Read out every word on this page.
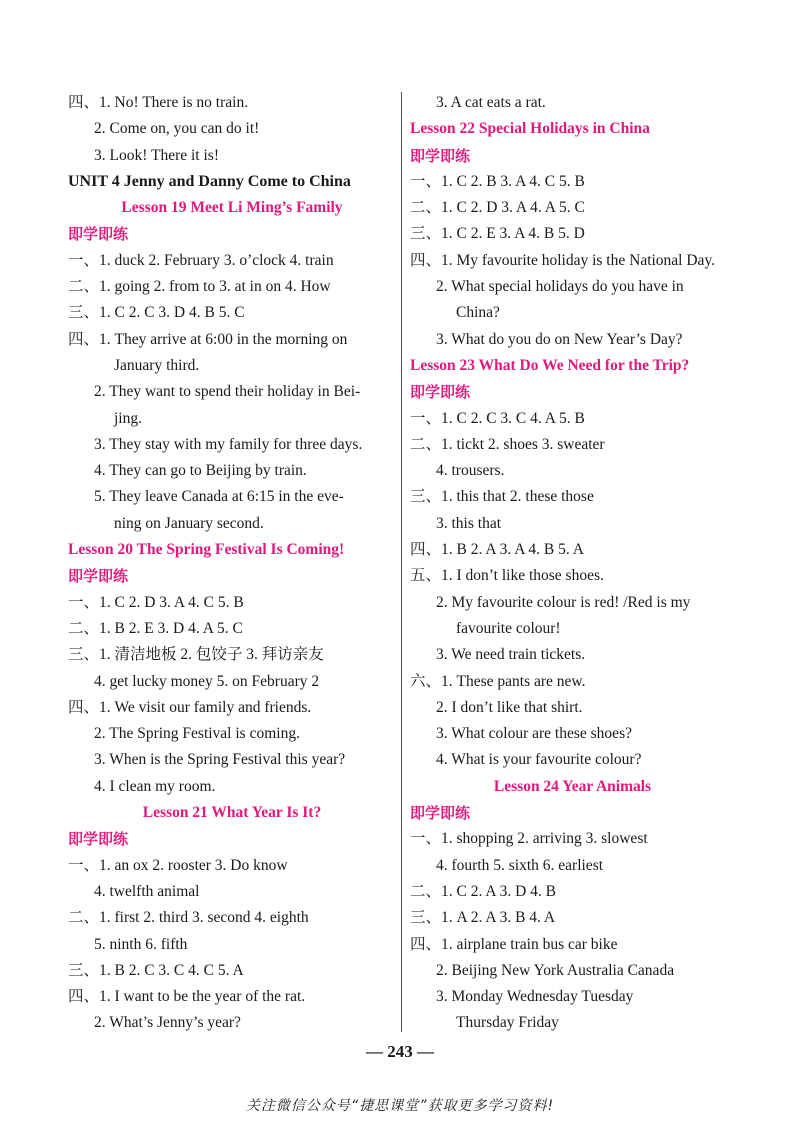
四、1. No! There is no train.
2. Come on, you can do it!
3. Look! There it is!
UNIT 4 Jenny and Danny Come to China
Lesson 19 Meet Li Ming’s Family
即学即练
一、1. duck 2. February 3. o’clock 4. train
二、1. going 2. from to 3. at in on 4. How
三、1. C 2. C 3. D 4. B 5. C
四、1. They arrive at 6:00 in the morning on
January third.
2. They want to spend their holiday in Bei-
jing.
3. They stay with my family for three days.
4. They can go to Beijing by train.
5. They leave Canada at 6:15 in the eve-
ning on January second.
Lesson 20 The Spring Festival Is Coming!
即学即练
一、1. C 2. D 3. A 4. C 5. B
二、1. B 2. E 3. D 4. A 5. C
三、1. 清洁地板 2. 包饺子 3. 拜访亲友
4. get lucky money 5. on February 2
四、1. We visit our family and friends.
2. The Spring Festival is coming.
3. When is the Spring Festival this year?
4. I clean my room.
Lesson 21 What Year Is It?
即学即练
一、1. an ox 2. rooster 3. Do know
4. twelfth animal
二、1. first 2. third 3. second 4. eighth
5. ninth 6. fifth
三、1. B 2. C 3. C 4. C 5. A
四、1. I want to be the year of the rat.
2. What’s Jenny’s year?
3. A cat eats a rat.
Lesson 22 Special Holidays in China
即学即练
一、1. C 2. B 3. A 4. C 5. B
二、1. C 2. D 3. A 4. A 5. C
三、1. C 2. E 3. A 4. B 5. D
四、1. My favourite holiday is the National Day.
2. What special holidays do you have in
China?
3. What do you do on New Year’s Day?
Lesson 23 What Do We Need for the Trip?
即学即练
一、1. C 2. C 3. C 4. A 5. B
二、1. tickt 2. shoes 3. sweater
4. trousers.
三、1. this that 2. these those
3. this that
四、1. B 2. A 3. A 4. B 5. A
五、1. I don’t like those shoes.
2. My favourite colour is red! /Red is my
favourite colour!
3. We need train tickets.
六、1. These pants are new.
2. I don’t like that shirt.
3. What colour are these shoes?
4. What is your favourite colour?
Lesson 24 Year Animals
即学即练
一、1. shopping 2. arriving 3. slowest
4. fourth 5. sixth 6. earliest
二、1. C 2. A 3. D 4. B
三、1. A 2. A 3. B 4. A
四、1. airplane train bus car bike
2. Beijing New York Australia Canada
3. Monday Wednesday Tuesday
Thursday Friday
— 243 —
关注微信公众号“捷思课堂”获取更多学习资料!
